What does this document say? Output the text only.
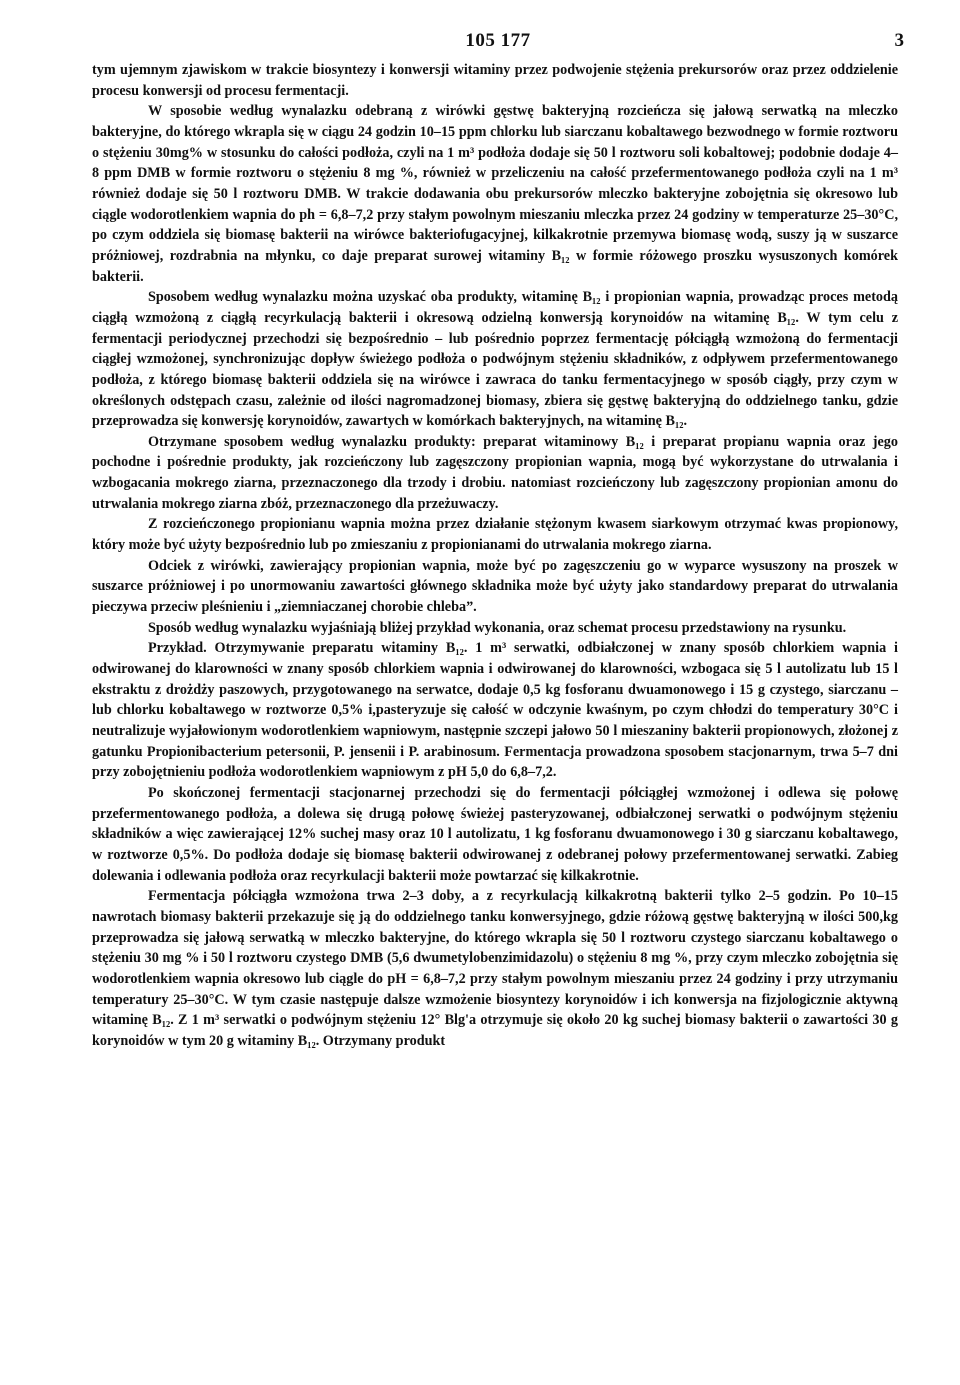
105 177	3

tym ujemnym zjawiskom w trakcie biosyntezy i konwersji witaminy przez podwojenie stężenia prekursorów oraz przez oddzielenie procesu konwersji od procesu fermentacji.

W sposobie według wynalazku odebraną z wirówki gęstwę bakteryjną rozcieńcza się jałową serwatką na mleczko bakteryjne, do którego wkrapla się w ciągu 24 godzin 10–15 ppm chlorku lub siarczanu kobaltawego bezwodnego w formie roztworu o stężeniu 30mg% w stosunku do całości podłoża, czyli na 1 m³ podłoża dodaje się 50 l roztworu soli kobaltowej; podobnie dodaje 4–8 ppm DMB w formie roztworu o stężeniu 8 mg %, również w przeliczeniu na całość przefermentowanego podłoża czyli na 1 m³ również dodaje się 50 l roztworu DMB. W trakcie dodawania obu prekursorów mleczko bakteryjne zobojętnia się okresowo lub ciągle wodorotlenkiem wapnia do ph = 6,8–7,2 przy stałym powolnym mieszaniu mleczka przez 24 godziny w temperaturze 25–30°C, po czym oddziela się biomasę bakterii na wirówce bakteriofugacyjnej, kilkakrotnie przemywa biomasę wodą, suszy ją w suszarce próżniowej, rozdrabnia na młynku, co daje preparat surowej witaminy B₁₂ w formie różowego proszku wysuszonych komórek bakterii.

Sposobem według wynalazku można uzyskać oba produkty, witaminę B₁₂ i propionian wapnia, prowadząc proces metodą ciągłą wzmożoną z ciągłą recyrkulacją bakterii i okresową odzielną konwersją korynoidów na witaminę B₁₂. W tym celu z fermentacji periodycznej przechodzi się bezpośrednio – lub pośrednio poprzez fermentację półciągłą wzmożoną do fermentacji ciągłej wzmożonej, synchronizując dopływ świeżego podłoża o podwójnym stężeniu składników, z odpływem przefermentowanego podłoża, z którego biomasę bakterii oddziela się na wirówce i zawraca do tanku fermentacyjnego w sposób ciągły, przy czym w określonych odstępach czasu, zależnie od ilości nagromadzonej biomasy, zbiera się gęstwę bakteryjną do oddzielnego tanku, gdzie przeprowadza się konwersję korynoidów, zawartych w komórkach bakteryjnych, na witaminę B₁₂.

Otrzymane sposobem według wynalazku produkty: preparat witaminowy B₁₂ i preparat propianu wapnia oraz jego pochodne i pośrednie produkty, jak rozcieńczony lub zagęszczony propionian wapnia, mogą być wykorzystane do utrwalania i wzbogacania mokrego ziarna, przeznaczonego dla trzody i drobiu. natomiast rozcieńczony lub zagęszczony propionian amonu do utrwalania mokrego ziarna zbóż, przeznaczonego dla przeżuwaczy.

Z rozcieńczonego propionianu wapnia można przez działanie stężonym kwasem siarkowym otrzymać kwas propionowy, który może być użyty bezpośrednio lub po zmieszaniu z propionianami do utrwalania mokrego ziarna.

Odciek z wirówki, zawierający propionian wapnia, może być po zagęszczeniu go w wyparce wysuszony na proszek w suszarce próżniowej i po unormowaniu zawartości głównego składnika może być użyty jako standardowy preparat do utrwalania pieczywa przeciw pleśnieniu i „ziemniaczanej chorobie chleba”.

Sposób według wynalazku wyjaśniają bliżej przykład wykonania, oraz schemat procesu przedstawiony na rysunku.

Przykład. Otrzymywanie preparatu witaminy B₁₂. 1 m³ serwatki, odbiałczonej w znany sposób chlorkiem wapnia i odwirowanej do klarowności w znany sposób chlorkiem wapnia i odwirowanej do klarowności, wzbogaca się 5 l autolizatu lub 15 l ekstraktu z drożdży paszowych, przygotowanego na serwatce, dodaje 0,5 kg fosforanu dwuamonowego i 15 g czystego, siarczanu – lub chlorku kobaltawego w roztworze 0,5% i,pasteryzuje się całość w odczynie kwaśnym, po czym chłodzi do temperatury 30°C i neutralizuje wyjałowionym wodorotlenkiem wapniowym, następnie szczepi jałowo 50 l mieszaniny bakterii propionowych, złożonej z gatunku Propionibacterium petersonii, P. jensenii i P. arabinosum. Fermentacja prowadzona sposobem stacjonarnym, trwa 5–7 dni przy zobojętnieniu podłoża wodorotlenkiem wapniowym z pH 5,0 do 6,8–7,2.

Po skończonej fermentacji stacjonarnej przechodzi się do fermentacji półciągłej wzmożonej i odlewa się połowę przefermentowanego podłoża, a dolewa się drugą połowę świeżej pasteryzowanej, odbiałczonej serwatki o podwójnym stężeniu składników a więc zawierającej 12% suchej masy oraz 10 l autolizatu, 1 kg fosforanu dwuamonowego i 30 g siarczanu kobaltawego, w roztworze 0,5%. Do podłoża dodaje się biomasę bakterii odwirowanej z odebranej połowy przefermentowanej serwatki. Zabieg dolewania i odlewania podłoża oraz recyrkulacji bakterii może powtarzać się kilkakrotnie.

Fermentacja półciągła wzmożona trwa 2–3 doby, a z recyrkulacją kilkakrotną bakterii tylko 2–5 godzin. Po 10–15 nawrotach biomasy bakterii przekazuje się ją do oddzielnego tanku konwersyjnego, gdzie różową gęstwę bakteryjną w ilości 500,kg przeprowadza się jałową serwatką w mleczko bakteryjne, do którego wkrapla się 50 l roztworu czystego siarczanu kobaltawego o stężeniu 30 mg % i 50 l roztworu czystego DMB (5,6 dwumetylobenzimidazolu) o stężeniu 8 mg %, przy czym mleczko zobojętnia się wodorotlenkiem wapnia okresowo lub ciągle do pH = 6,8–7,2 przy stałym powolnym mieszaniu przez 24 godziny i przy utrzymaniu temperatury 25–30°C. W tym czasie następuje dalsze wzmożenie biosyntezy korynoidów i ich konwersja na fizjologicznie aktywną witaminę B₁₂. Z 1 m³ serwatki o podwójnym stężeniu 12° Blg'a otrzymuje się około 20 kg suchej biomasy bakterii o zawartości 30 g korynoidów w tym 20 g witaminy B₁₂. Otrzymany produkt
